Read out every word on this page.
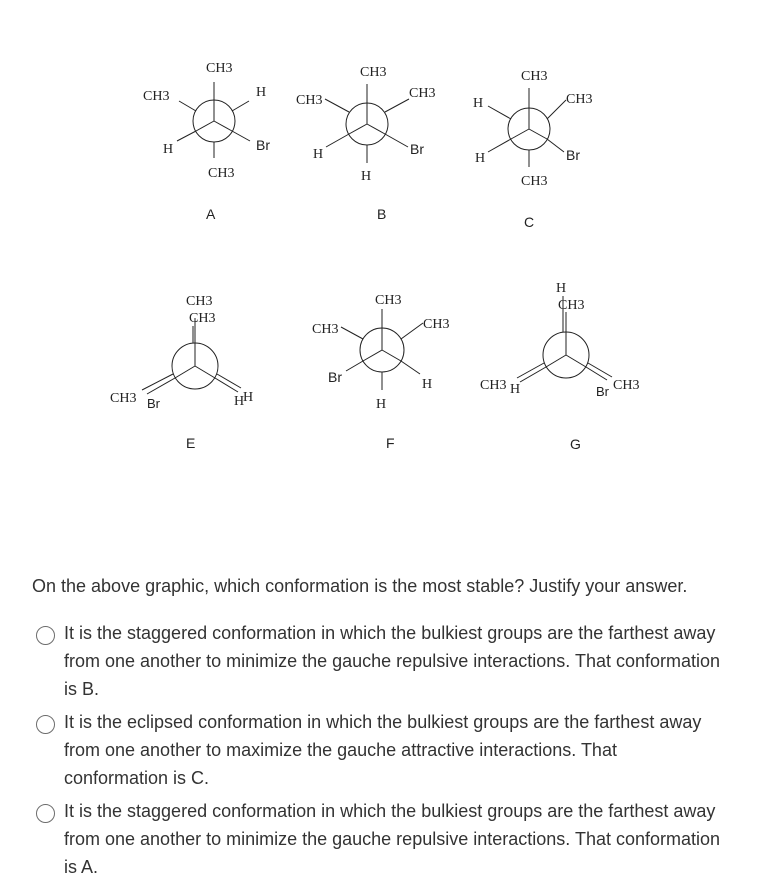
CH3
CH3	H
H	Br
CH3
A
CH3
CH3	CH3
H	Br
H
B
CH3
H	CH3
H	Br
CH3
C
CH3
CH3
CH3 Br	H
H
E
CH3
CH3	CH3
Br	H
H
F
H
CH3
CH3 H	CH3
Br
G

On the above graphic, which conformation is the most stable? Justify your answer.

It is the staggered conformation in which the bulkiest groups are the farthest away from one another to minimize the gauche repulsive interactions. That conformation is B.
It is the eclipsed conformation in which the bulkiest groups are the farthest away from one another to maximize the gauche attractive interactions. That conformation is C.
It is the staggered conformation in which the bulkiest groups are the farthest away from one another to minimize the gauche repulsive interactions. That conformation is A.
